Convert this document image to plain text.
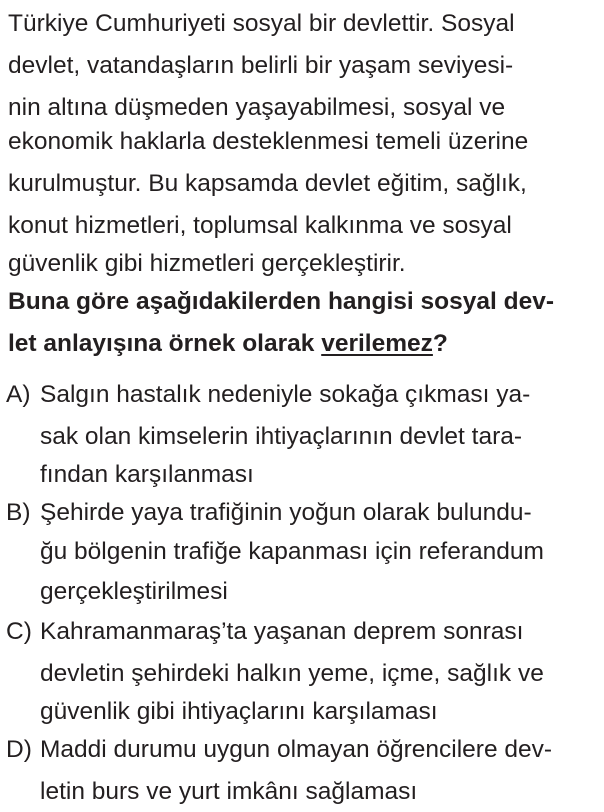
Türkiye Cumhuriyeti sosyal bir devlettir. Sosyal
devlet, vatandaşların belirli bir yaşam seviyesi-
nin altına düşmeden yaşayabilmesi, sosyal ve
ekonomik haklarla desteklenmesi temeli üzerine
kurulmuştur. Bu kapsamda devlet eğitim, sağlık,
konut hizmetleri, toplumsal kalkınma ve sosyal
güvenlik gibi hizmetleri gerçekleştirir.
Buna göre aşağıdakilerden hangisi sosyal dev-
let anlayışına örnek olarak verilemez?
A) Salgın hastalık nedeniyle sokağa çıkması ya-
sak olan kimselerin ihtiyaçlarının devlet tara-
fından karşılanması
B) Şehirde yaya trafiğinin yoğun olarak bulundu-
ğu bölgenin trafiğe kapanması için referandum
gerçekleştirilmesi
C) Kahramanmaraş’ta yaşanan deprem sonrası
devletin şehirdeki halkın yeme, içme, sağlık ve
güvenlik gibi ihtiyaçlarını karşılaması
D) Maddi durumu uygun olmayan öğrencilere dev-
letin burs ve yurt imkânı sağlaması
